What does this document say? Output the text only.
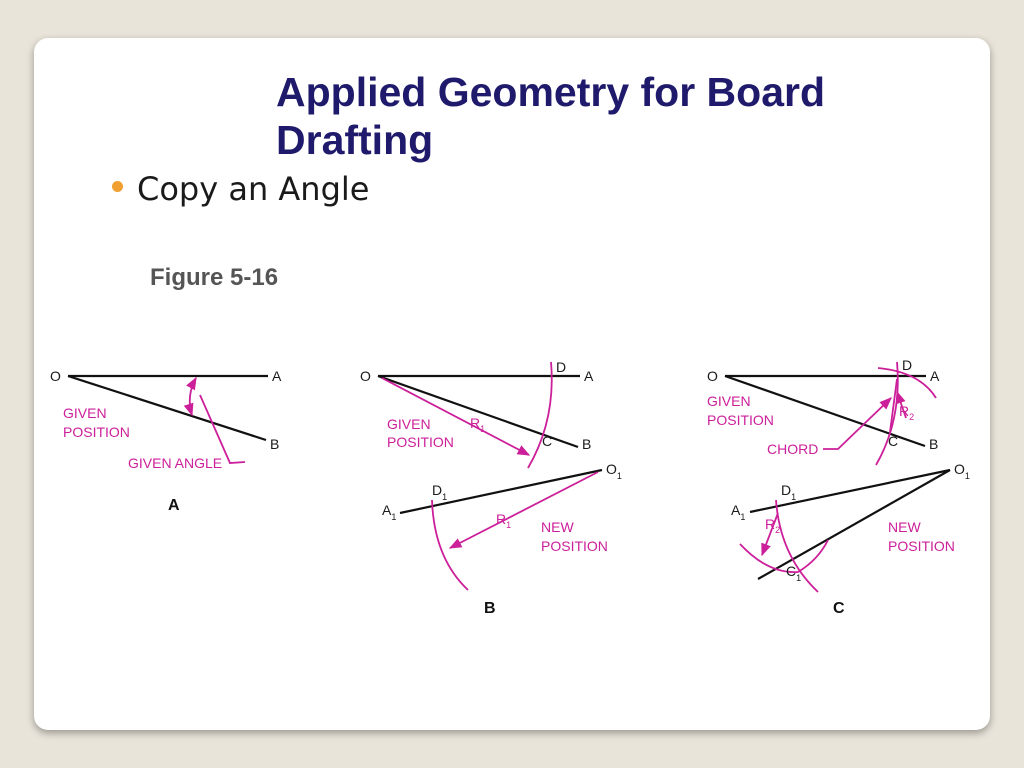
Applied Geometry for Board Drafting
Copy an Angle
Figure 5-16
O	A
B
GIVEN
POSITION
GIVEN ANGLE
A
O	A
B
D
C
$R_1$
GIVEN
POSITION
$O_1$
$A_1$
$D_1$
$R_1$ NEW
POSITION
B
O	A
B
D
C
$R_2$
GIVEN
POSITION
CHORD
$O_1$
$A_1$
$D_1$
$C_1$
$R_2$	NEW
POSITION
C
